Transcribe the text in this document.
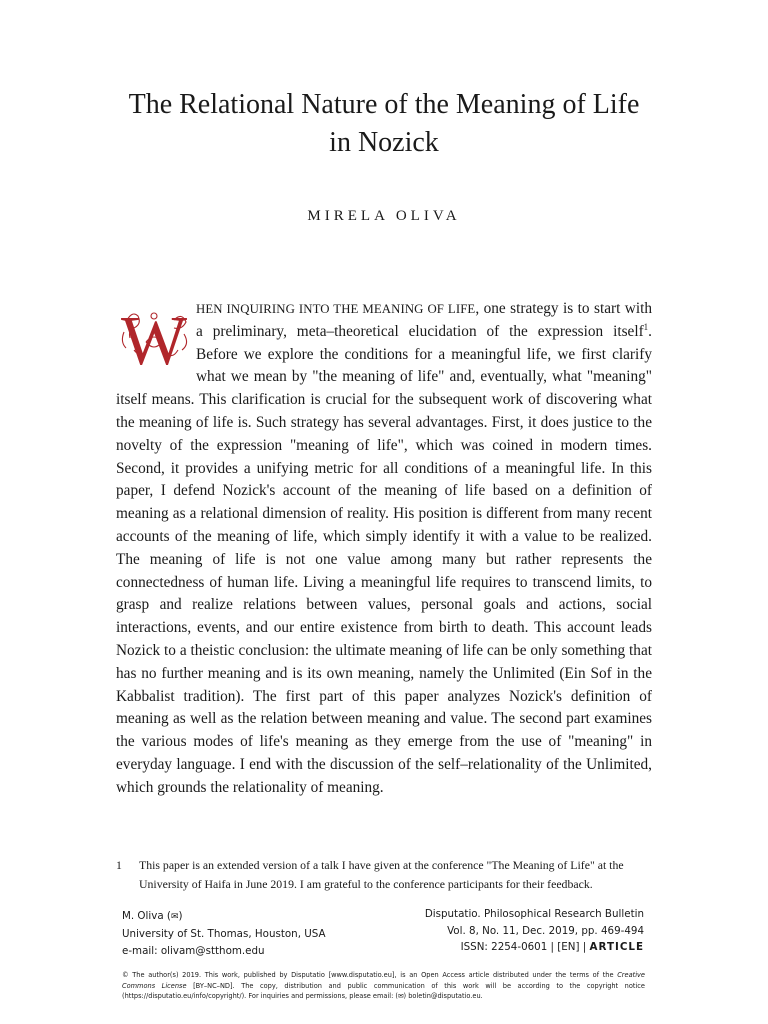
The Relational Nature of the Meaning of Life
in Nozick
MIRELA OLIVA
W HEN INQUIRING INTO THE MEANING OF LIFE, one strategy is to start with a preliminary, meta–theoretical elucidation of the expression itself$^1$. Before we explore the conditions for a meaningful life, we first clarify what we mean by "the meaning of life" and, eventually, what "meaning" itself means. This clarification is crucial for the subsequent work of discovering what the meaning of life is. Such strategy has several advantages. First, it does justice to the novelty of the expression "meaning of life", which was coined in modern times. Second, it provides a unifying metric for all conditions of a meaningful life. In this paper, I defend Nozick's account of the meaning of life based on a definition of meaning as a relational dimension of reality. His position is different from many recent accounts of the meaning of life, which simply identify it with a value to be realized. The meaning of life is not one value among many but rather represents the connectedness of human life. Living a meaningful life requires to transcend limits, to grasp and realize relations between values, personal goals and actions, social interactions, events, and our entire existence from birth to death. This account leads Nozick to a theistic conclusion: the ultimate meaning of life can be only something that has no further meaning and is its own meaning, namely the Unlimited (Ein Sof in the Kabbalist tradition). The first part of this paper analyzes Nozick's definition of meaning as well as the relation between meaning and value. The second part examines the various modes of life's meaning as they emerge from the use of "meaning" in everyday language. I end with the discussion of the self–relationality of the Unlimited, which grounds the relationality of meaning.
1 This paper is an extended version of a talk I have given at the conference "The Meaning of Life" at the University of Haifa in June 2019. I am grateful to the conference participants for their feedback.
M. Oliva (✉)
University of St. Thomas, Houston, USA
e-mail: olivam@stthom.edu
Disputatio. Philosophical Research Bulletin
Vol. 8, No. 11, Dec. 2019, pp. 469-494
ISSN: 2254-0601 | [EN] | ARTICLE
© The author(s) 2019. This work, published by Disputatio [www.disputatio.eu], is an Open Access article distributed under the terms of the Creative Commons License [BY–NC–ND]. The copy, distribution and public communication of this work will be according to the copyright notice (https://disputatio.eu/info/copyright/). For inquiries and permissions, please email: (✉) boletin@disputatio.eu.
